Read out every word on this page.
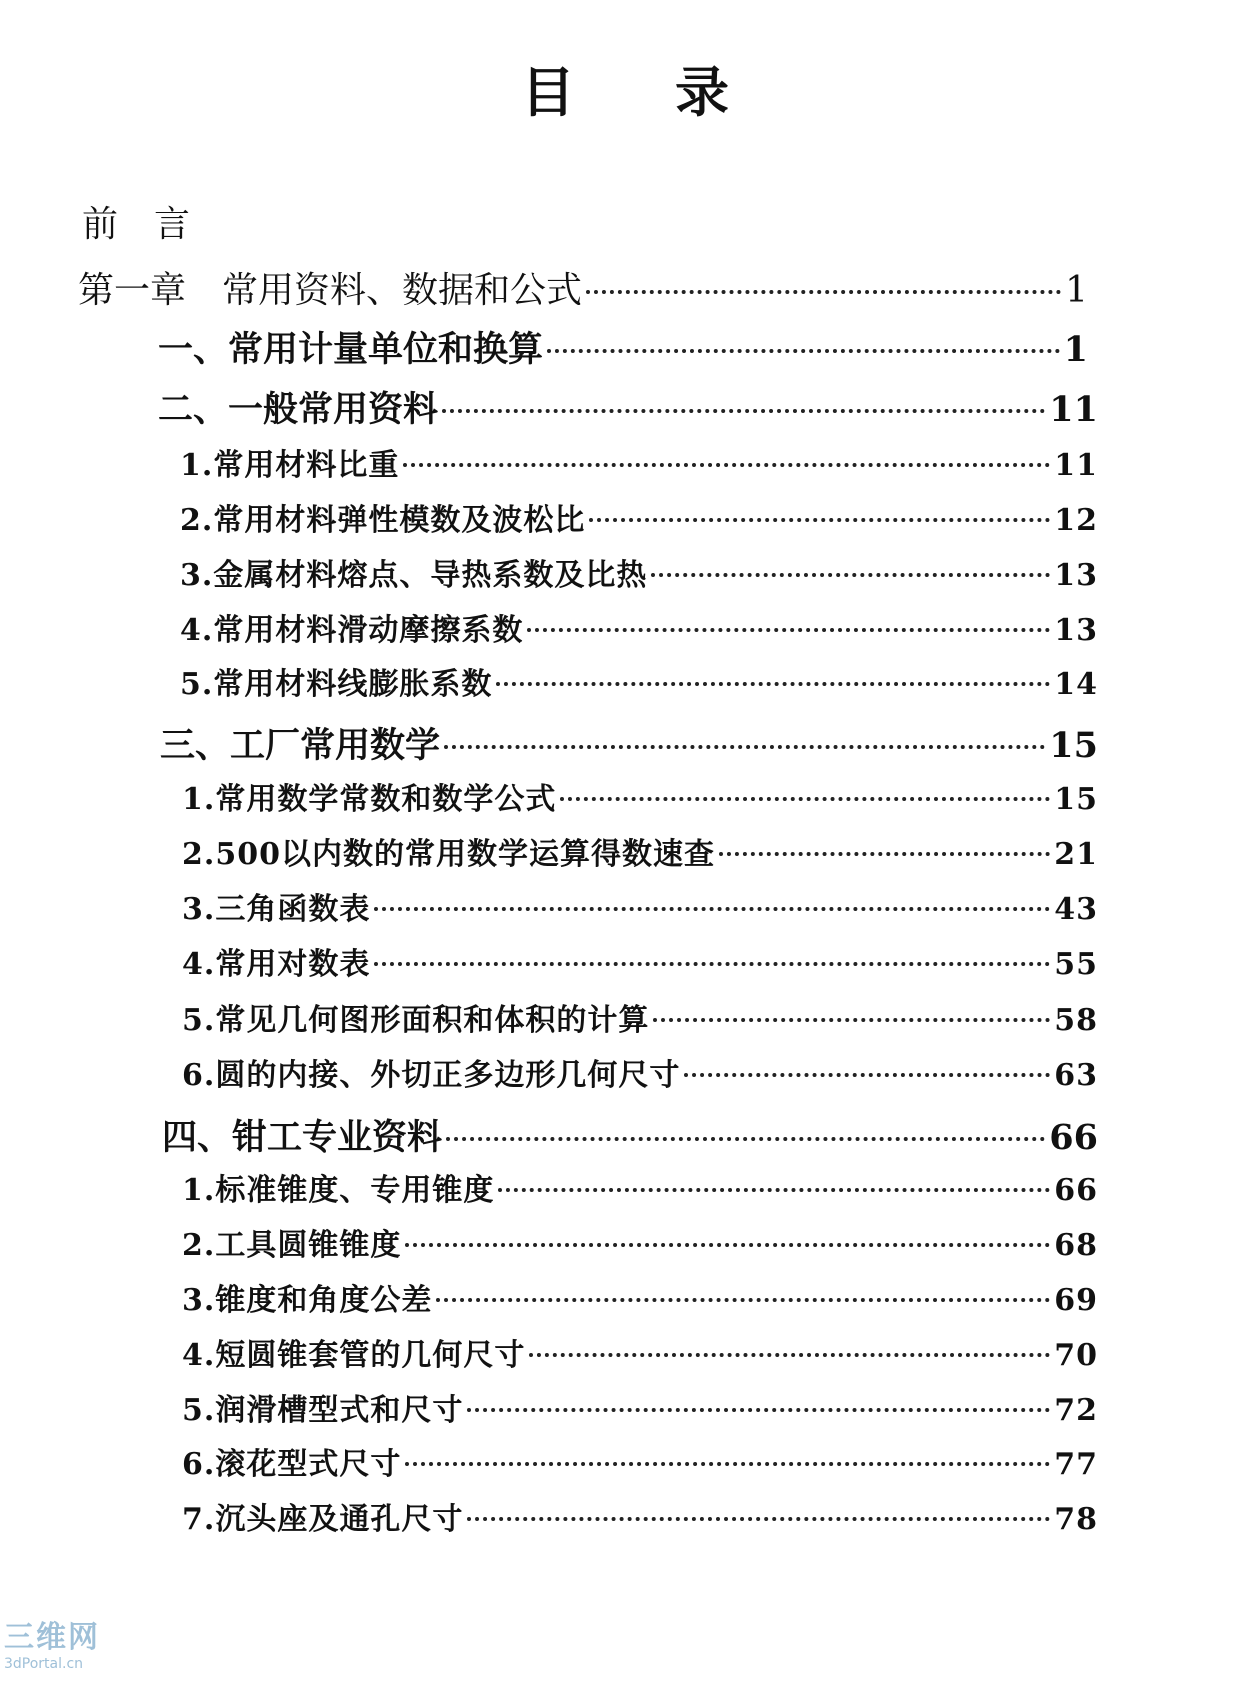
目 录
前言
第一章　常用资料、数据和公式	1
一、常用计量单位和换算	1
二、一般常用资料	11
1.常用材料比重	11
2.常用材料弹性模数及波松比	12
3.金属材料熔点、导热系数及比热	13
4.常用材料滑动摩擦系数	13
5.常用材料线膨胀系数	14
三、工厂常用数学	15
1.常用数学常数和数学公式	15
2.500以内数的常用数学运算得数速查	21
3.三角函数表	43
4.常用对数表	55
5.常见几何图形面积和体积的计算	58
6.圆的内接、外切正多边形几何尺寸	63
四、钳工专业资料	66
1.标准锥度、专用锥度	66
2.工具圆锥锥度	68
3.锥度和角度公差	69
4.短圆锥套管的几何尺寸	70
5.润滑槽型式和尺寸	72
6.滚花型式尺寸	77
7.沉头座及通孔尺寸	78
三维网
3dPortal.cn
